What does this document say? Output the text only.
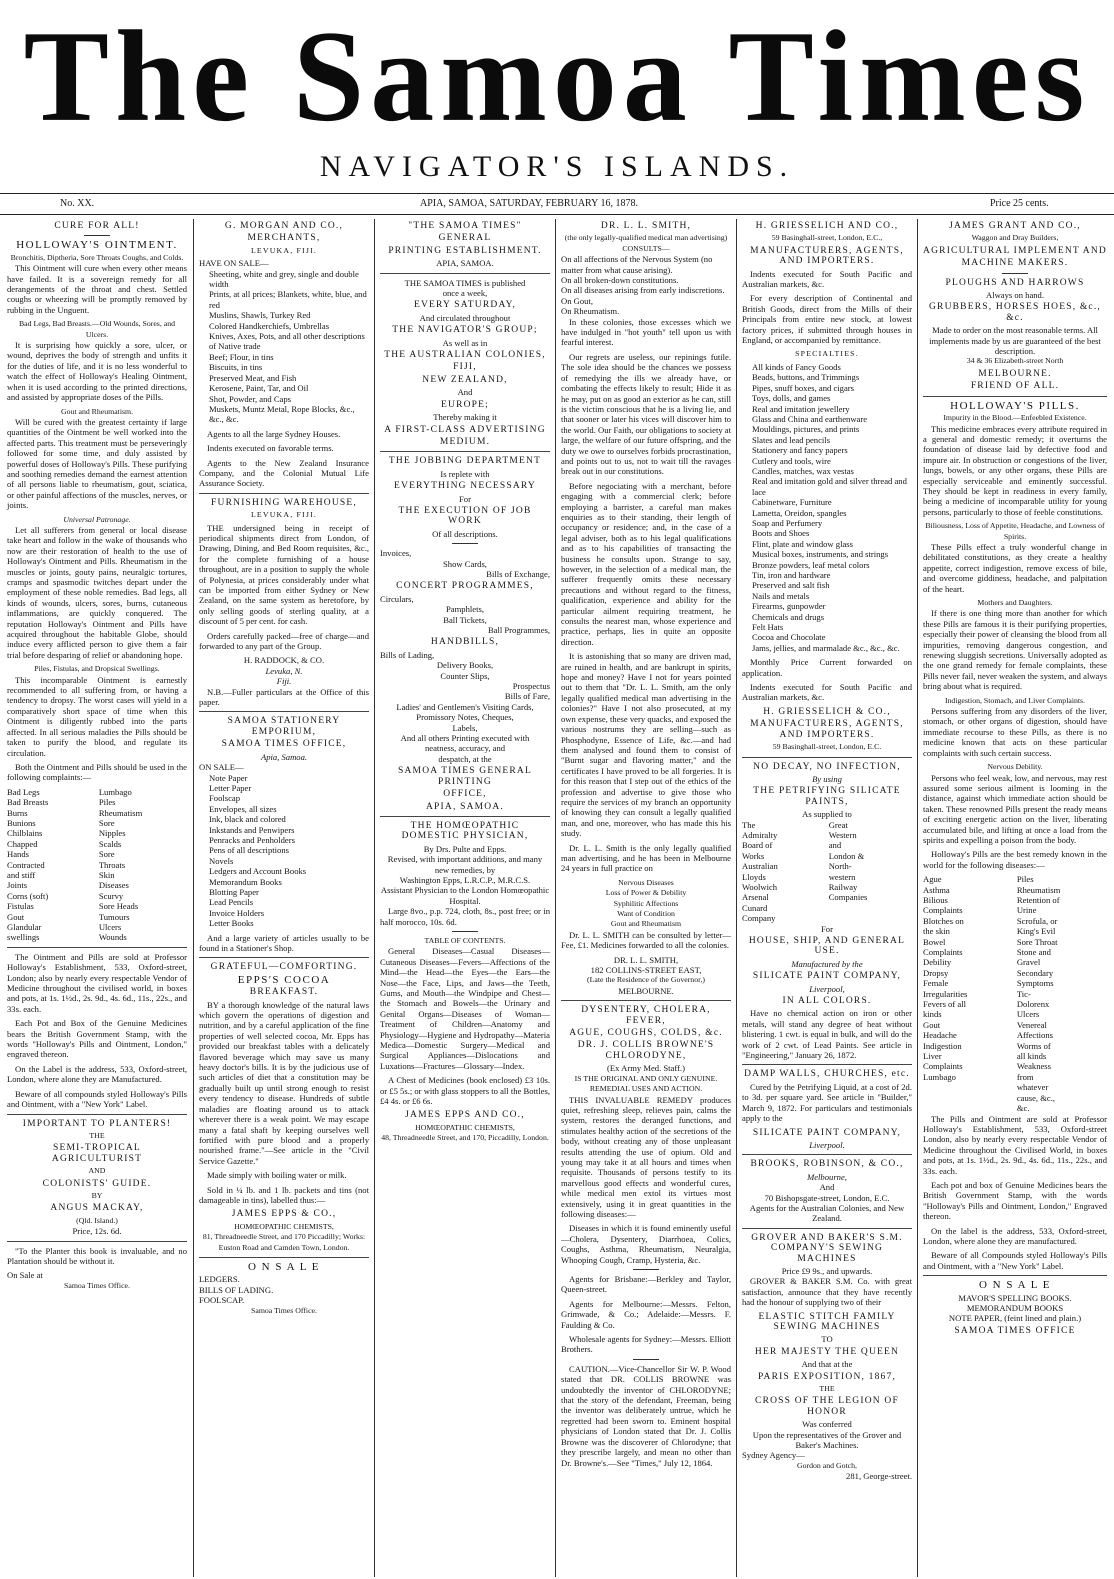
The Samoa Times
NAVIGATOR'S ISLANDS.
No. XX.	APIA, SAMOA, SATURDAY, FEBRUARY 16, 1878.	Price 25 cents.
CURE FOR ALL!
HOLLOWAY'S OINTMENT.
Bronchitis, Diptheria, Sore Throats Coughs, and Colds.

This Ointment will cure when every other means have failed. It is a sovereign remedy for all derangements of the throat and chest. Settled coughs or wheezing will be promptly removed by rubbing in the Unguent.

Bad Legs, Bad Breasts.—Old Wounds, Sores, and Ulcers.

It is surprising how quickly a sore, ulcer, or wound, deprives the body of strength and unfits it for the duties of life, and it is no less wonderful to watch the effect of Holloway's Healing Ointment, when it is used according to the printed directions, and assisted by appropriate doses of the Pills.

Gout and Rheumatism.

Will be cured with the greatest certainty if large quantities of the Ointment be well worked into the affected parts. This treatment must be perseveringly followed for some time, and duly assisted by powerful doses of Holloway's Pills. These purifying and soothing remedies demand the earnest attention of all persons liable to rheumatism, gout, sciatica, or other painful affections of the muscles, nerves, or joints.

Universal Patronage.

Let all sufferers from general or local disease take heart and follow in the wake of thousands who now are their restoration of health to the use of Holloway's Ointment and Pills. Rheumatism in the muscles or joints, gouty pains, neuralgic tortures, cramps and spasmodic twitches depart under the employment of these noble remedies. Bad legs, all kinds of wounds, ulcers, sores, burns, cutaneous inflammations, are quickly conquered. The reputation Holloway's Ointment and Pills have acquired throughout the habitable Globe, should induce every afflicted person to give them a fair trial before desparing of relief or abandoning hope.

Piles, Fistulas, and Dropsical Swellings.

This incomparable Ointment is earnestly recommended to all suffering from, or having a tendency to dropsy. The worst cases will yield in a comparatively short space of time when this Ointment is diligently rubbed into the parts affected. In all serious maladies the Pills should be taken to purify the blood, and regulate its circulation.

Both the Ointment and Pills should be used in the following complaints:—

Bad Legs
Bad Breasts
Burns
Bunions
Chilblains
Chapped Hands
Contracted and stiff Joints
Corns (soft)
Fistulas
Gout
Glandular swellings
Lumbago
Piles
Rheumatism
Sore Nipples
Scalds
Sore Throats
Skin Diseases
Scurvy
Sore Heads
Tumours
Ulcers
Wounds

The Ointment and Pills are sold at Professor Holloway's Establishment, 533, Oxford-street, London; also by nearly every respectable Vendor of Medicine throughout the civilised world, in boxes and pots, at 1s. 1½d., 2s. 9d., 4s. 6d., 11s., 22s., and 33s. each.

Each Pot and Box of the Genuine Medicines bears the British Government Stamp, with the words "Holloway's Pills and Ointment, London," engraved thereon.

On the Label is the address, 533, Oxford-street, London, where alone they are Manufactured.

Beware of all compounds styled Holloway's Pills and Ointment, with a "New York" Label.

IMPORTANT TO PLANTERS!
THE
SEMI-TROPICAL AGRICULTURIST
AND
COLONISTS' GUIDE.
BY
ANGUS MACKAY,
(Qld. Island.)
Price, 12s. 6d.

"To the Planter this book is invaluable, and no Plantation should be without it.

On Sale at
Samoa Times Office.
G. MORGAN AND CO.,
MERCHANTS,
LEVUKA, FIJI.
HAVE ON SALE—
Sheeting, white and grey, single and double width
Prints, at all prices; Blankets, white, blue, and red
Muslins, Shawls, Turkey Red
Colored Handkerchiefs, Umbrellas
Knives, Axes, Pots, and all other descriptions of Native trade
Beef; Flour, in tins
Biscuits, in tins
Preserved Meat, and Fish
Kerosene, Paint, Tar, and Oil
Shot, Powder, and Caps
Muskets, Muntz Metal, Rope Blocks, &c., &c., &c.

Agents to all the large Sydney Houses.

Indents executed on favorable terms.

Agents to the New Zealand Insurance Company, and the Colonial Mutual Life Assurance Society.

FURNISHING WAREHOUSE,
LEVUKA, FIJI.

THE undersigned being in receipt of periodical shipments direct from London, of Drawing, Dining, and Bed Room requisites, &c., for the complete furnishing of a house throughout, are in a position to supply the whole of Polynesia, at prices considerably under what can be imported from either Sydney or New Zealand, on the same system as heretofore, by only selling goods of sterling quality, at a discount of 5 per cent. for cash.

Orders carefully packed—free of charge—and forwarded to any part of the Group.

H. RADDOCK, & CO.
Levuka, N.
Fiji.

N.B.—Fuller particulars at the Office of this paper.

SAMOA STATIONERY EMPORIUM,
SAMOA TIMES OFFICE,
Apia, Samoa.
ON SALE—
Note Paper
Letter Paper
Foolscap
Envelopes, all sizes
Ink, black and colored
Inkstands and Penwipers
Penracks and Penholders
Pens of all descriptions
Novels
Ledgers and Account Books
Memorandum Books
Blotting Paper
Lead Pencils
Invoice Holders
Letter Books

And a large variety of articles usually to be found in a Stationer's Shop.

GRATEFUL—COMFORTING.
EPPS'S COCOA
BREAKFAST.

BY a thorough knowledge of the natural laws which govern the operations of digestion and nutrition, and by a careful application of the fine properties of well selected cocoa, Mr. Epps has provided our breakfast tables with a delicately flavored beverage which may save us many heavy doctor's bills. It is by the judicious use of such articles of diet that a constitution may be gradually built up until strong enough to resist every tendency to disease. Hundreds of subtle maladies are floating around us to attack wherever there is a weak point. We may escape many a fatal shaft by keeping ourselves well fortified with pure blood and a properly nourished frame."—See article in the "Civil Service Gazette."

Made simply with boiling water or milk.

Sold in ¼ lb. and 1 lb. packets and tins (not damageable in tins), labelled thus:—

JAMES EPPS & CO.,
HOMŒOPATHIC CHEMISTS,
81, Threadneedle Street, and 170 Piccadilly; Works: Euston Road and Camden Town, London.
O N S A L E
LEDGERS.
BILLS OF LADING.
FOOLSCAP.
Samoa Times Office.
"THE SAMOA TIMES"
GENERAL
PRINTING ESTABLISHMENT.
APIA, SAMOA.
THE SAMOA TIMES is published
once a week,
EVERY SATURDAY,
And circulated throughout
THE NAVIGATOR'S GROUP;
As well as in
THE AUSTRALIAN COLONIES,
FIJI,
NEW ZEALAND,
And
EUROPE;
Thereby making it
A FIRST-CLASS ADVERTISING
MEDIUM.
THE JOBBING DEPARTMENT
Is replete with
EVERYTHING NECESSARY
For
THE EXECUTION OF JOB WORK
Of all descriptions.
Invoices,
Show Cards,
Bills of Exchange,
CONCERT PROGRAMMES,
Circulars,
Pamphlets,
Ball Tickets,
Ball Programmes,
HANDBILLS,
Bills of Lading,
Delivery Books,
Counter Slips,
Prospectus
Bills of Fare,
Ladies' and Gentlemen's Visiting Cards,
Promissory Notes, Cheques,
Labels,
And all others Printing executed with
neatness, accuracy, and
despatch, at the
SAMOA TIMES GENERAL PRINTING
OFFICE,
APIA, SAMOA.
THE HOMŒOPATHIC DOMESTIC PHYSICIAN,
By Drs. Pulte and Epps.
Revised, with important additions, and many new remedies, by
Washington Epps, L.R.C.P., M.R.C.S.
Assistant Physician to the London Homœopathic Hospital.

Large 8vo., p.p. 724, cloth, 8s., post free; or in half morocco, 10s. 6d.

TABLE OF CONTENTS.

General Diseases—Casual Diseases—Cutaneous Diseases—Fevers—Affections of the Mind—the Head—the Eyes—the Ears—the Nose—the Face, Lips, and Jaws—the Teeth, Gums, and Mouth—the Windpipe and Chest—the Stomach and Bowels—the Urinary and Genital Organs—Diseases of Woman—Treatment of Children—Anatomy and Physiology—Hygiene and Hydropathy—Materia Medica—Domestic Surgery—Medical and Surgical Appliances—Dislocations and Luxations—Fractures—Glossary—Index.

A Chest of Medicines (book enclosed) £3 10s. or £5 5s.; or with glass stoppers to all the Bottles, £4 4s. or £6 6s.

JAMES EPPS AND CO.,
HOMŒOPATHIC CHEMISTS,
48, Threadneedle Street, and 170, Piccadilly, London.
DR. L. L. SMITH,
(the only legally-qualified medical man advertising)
CONSULTS—
On all affections of the Nervous System (no matter from what cause arising).
On all broken-down constitutions.
On all diseases arising from early indiscretions.
On Gout,
On Rheumatism.

In these colonies, those excesses which we have indulged in "hot youth" tell upon us with fearful interest.

Our regrets are useless, our repinings futile. The sole idea should be the chances we possess of remedying the ills we already have, or combating the effects likely to result; Hide it as he may, put on as good an exterior as he can, still is the victim conscious that he is a living lie, and that sooner or later his vices will discover him to the world. Our Faith, our obligations to society at large, the welfare of our future offspring, and the duty we owe to ourselves forbids procrastination, and points out to us, not to wait till the ravages break out in our constitutions.

Before negociating with a merchant, before engaging with a commercial clerk; before employing a barrister, a careful man makes enquiries as to their standing, their length of occupancy or residence; and, in the case of a legal adviser, both as to his legal qualifications and as to his capabilities of transacting the business he consults upon. Strange to say, however, in the selection of a medical man, the sufferer frequently omits these necessary precautions and without regard to the fitness, qualification, experience and ability for the particular ailment requiring treatment, he consults the nearest man, whose experience and practice, perhaps, lies in quite an opposite direction.

It is astonishing that so many are driven mad, are ruined in health, and are bankrupt in spirits, hope and money? Have I not for years pointed out to them that "Dr. L. L. Smith, am the only legally qualified medical man advertising in the colonies?" Have I not also prosecuted, at my own expense, these very quacks, and exposed the various nostrums they are selling—such as Phosphodyne, Essence of Life, &c.—and had them analysed and found them to consist of "Burnt sugar and flavoring matter," and the certificates I have proved to be all forgeries. It is for this reason that I step out of the ethics of the profession and advertise to give those who require the services of my branch an opportunity of knowing they can consult a legally qualified man, and one, moreover, who has made this his study.

Dr. L. L. Smith is the only legally qualified man advertising, and he has been in Melbourne 24 years in full practice on

Nervous Diseases
Loss of Power & Debility
Syphilitic Affections
Want of Condition
Gout and Rheumatism

Dr. L. L. SMITH can be consulted by letter—Fee, £1. Medicines forwarded to all the colonies.

DR. L. L. SMITH,
182 COLLINS-STREET EAST,
(Late the Residence of the Governor,)
MELBOURNE.
DYSENTERY, CHOLERA, FEVER,
AGUE, COUGHS, COLDS, &c.
DR. J. COLLIS BROWNE'S CHLORODYNE,
(Ex Army Med. Staff.)
IS THE ORIGINAL AND ONLY GENUINE.
REMEDIAL USES AND ACTION.

THIS INVALUABLE REMEDY produces quiet, refreshing sleep, relieves pain, calms the system, restores the deranged functions, and stimulates healthy action of the secretions of the body, without creating any of those unpleasant results attending the use of opium. Old and young may take it at all hours and times when requisite. Thousands of persons testify to its marvellous good effects and wonderful cures, while medical men extol its virtues most extensively, using it in great quantities in the following diseases:—

Diseases in which it is found eminently useful—Cholera, Dysentery, Diarrhoea, Colics, Coughs, Asthma, Rheumatism, Neuralgia, Whooping Cough, Cramp, Hysteria, &c.

Agents for Brisbane:—Berkley and Taylor, Queen-street.

Agents for Melbourne:—Messrs. Felton, Grimwade, & Co.; Adelaide:—Messrs. F. Faulding & Co.

Wholesale agents for Sydney:—Messrs. Elliott Brothers.

CAUTION.—Vice-Chancellor Sir W. P. Wood stated that DR. COLLIS BROWNE was undoubtedly the inventor of CHLORODYNE; that the story of the defendant, Freeman, being the inventor was deliberately untrue, which he regretted had been sworn to. Eminent hospital physicians of London stated that Dr. J. Collis Browne was the discoverer of Chlorodyne; that they prescribe largely, and mean no other than Dr. Browne's.—See "Times," July 12, 1864.

H. GRIESSELICH AND CO.,
59 Basinghall-street, London, E.C.,
MANUFACTURERS, AGENTS, AND IMPORTERS.

Indents executed for South Pacific and Australian markets, &c.

For every description of Continental and British Goods, direct from the Mills of their Principals from entire new stock, at lowest factory prices, if submitted through houses in England, or accompanied by remittance.

SPECIALTIES.
All kinds of Fancy Goods
Beads, buttons, and Trimmings
Pipes, snuff boxes, and cigars
Toys, dolls, and games
Real and imitation jewellery
Glass and China and earthenware
Mouldings, pictures, and prints
Slates and lead pencils
Stationery and fancy papers
Cutlery and tools, wire
Candles, matches, wax vestas
Real and imitation gold and silver thread and lace
Cabinetware, Furniture
Lametta, Oreidon, spangles
Soap and Perfumery
Boots and Shoes
Flint, plate and window glass
Musical boxes, instruments, and strings
Bronze powders, leaf metal colors
Tin, iron and hardware
Preserved and salt fish
Nails and metals
Firearms, gunpowder
Chemicals and drugs
Felt Hats
Cocoa and Chocolate
Jams, jellies, and marmalade &c., &c., &c.

Monthly Price Current forwarded on application.

Indents executed for South Pacific and Australian markets, &c.

H. GRIESSELICH & CO.,
MANUFACTURERS, AGENTS, AND IMPORTERS.
59 Basinghall-street, London, E.C.
NO DECAY, NO INFECTION,
By using
THE PETRIFYING SILICATE PAINTS,
As supplied to
The Admiralty
Board of Works
Australian Lloyds
Woolwich Arsenal
Cunard Company
Great Western and
London & North-
western Railway
Companies
For
HOUSE, SHIP, AND GENERAL USE.
Manufactured by the
SILICATE PAINT COMPANY,
Liverpool,
IN ALL COLORS.

Have no chemical action on iron or other metals, will stand any degree of heat without blistering. 1 cwt. is equal in bulk, and will do the work of 2 cwt. of Lead Paints. See article in "Engineering," January 26, 1872.

DAMP WALLS, CHURCHES, etc.

Cured by the Petrifying Liquid, at a cost of 2d. to 3d. per square yard. See article in "Builder," March 9, 1872. For particulars and testimonials apply to the

SILICATE PAINT COMPANY,
Liverpool.
BROOKS, ROBINSON, & CO.,
Melbourne,
And
70 Bishopsgate-street, London, E.C.
Agents for the Australian Colonies, and New Zealand.
GROVER AND BAKER'S S.M. COMPANY'S SEWING MACHINES
Price £9 9s., and upwards.

GROVER & BAKER S.M. Co. with great satisfaction, announce that they have recently had the honour of supplying two of their

ELASTIC STITCH FAMILY SEWING MACHINES
TO
HER MAJESTY THE QUEEN
And that at the
PARIS EXPOSITION, 1867,
THE
CROSS OF THE LEGION OF HONOR
Was conferred
Upon the representatives of the Grover and Baker's Machines.
Sydney Agency—
Gordon and Gotch,
281, George-street.
JAMES GRANT AND CO.,
Waggon and Dray Builders,
AGRICULTURAL IMPLEMENT AND
MACHINE MAKERS.
PLOUGHS AND HARROWS
Always on hand.
GRUBBERS, HORSES HOES, &c., &c.
Made to order on the most reasonable terms. All implements made by us are guaranteed of the best description.
34 & 36 Elizabeth-street North
MELBOURNE.
FRIEND OF ALL.
HOLLOWAY'S PILLS.
Impurity in the Blood.—Enfeebled Existence.

This medicine embraces every attribute required in a general and domestic remedy; it overturns the foundation of disease laid by defective food and impure air. In obstruction or congestions of the liver, lungs, bowels, or any other organs, these Pills are especially serviceable and eminently successful. They should be kept in readiness in every family, being a medicine of incomparable utility for young persons, particularly to those of feeble constitutions.

Biliousness, Loss of Appetite, Headache, and Lowness of Spirits.

These Pills effect a truly wonderful change in debilitated constitutions, as they create a healthy appetite, correct indigestion, remove excess of bile, and overcome giddiness, headache, and palpitation of the heart.

Mothers and Daughters.

If there is one thing more than another for which these Pills are famous it is their purifying properties, especially their power of cleansing the blood from all impurities, removing dangerous congestion, and renewing sluggish secretions. Universally adopted as the one grand remedy for female complaints, these Pills never fail, never weaken the system, and always bring about what is required.

Indigestion, Stomach, and Liver Complaints.

Persons suffering from any disorders of the liver, stomach, or other organs of digestion, should have immediate recourse to these Pills, as there is no medicine known that acts on these particular complaints with such certain success.

Nervous Debility.

Persons who feel weak, low, and nervous, may rest assured some serious ailment is looming in the distance, against which immediate action should be taken. These renowned Pills present the ready means of exciting energetic action on the liver, liberating accumulated bile, and lifting at once a load from the spirits and expelling a poison from the body.

Holloway's Pills are the best remedy known in the world for the following diseases:—

Ague
Asthma
Bilious Complaints
Blotches on the skin
Bowel Complaints
Debility
Dropsy
Female Irregularities
Fevers of all kinds
Gout
Headache
Indigestion
Liver Complaints
Lumbago
Piles
Rheumatism
Retention of Urine
Scrofula, or King's Evil
Sore Throat
Stone and Gravel
Secondary Symptoms
Tic-Dolorenx
Ulcers
Venereal Affections
Worms of all kinds
Weakness from whatever cause, &c., &c.

The Pills and Ointment are sold at Professor Holloway's Establishment, 533, Oxford-street London, also by nearly every respectable Vendor of Medicine throughout the Civilised World, in boxes and pots, at 1s. 1½d., 2s. 9d., 4s. 6d., 11s., 22s., and 33s. each.

Each pot and box of Genuine Medicines bears the British Government Stamp, with the words "Holloway's Pills and Ointment, London," Engraved thereon.

On the label is the address, 533, Oxford-street, London, where alone they are manufactured.

Beware of all Compounds styled Holloway's Pills and Ointment, with a "New York" Label.

O N S A L E
MAVOR'S SPELLING BOOKS.
MEMORANDUM BOOKS
NOTE PAPER, (feint lined and plain.)
SAMOA TIMES OFFICE
